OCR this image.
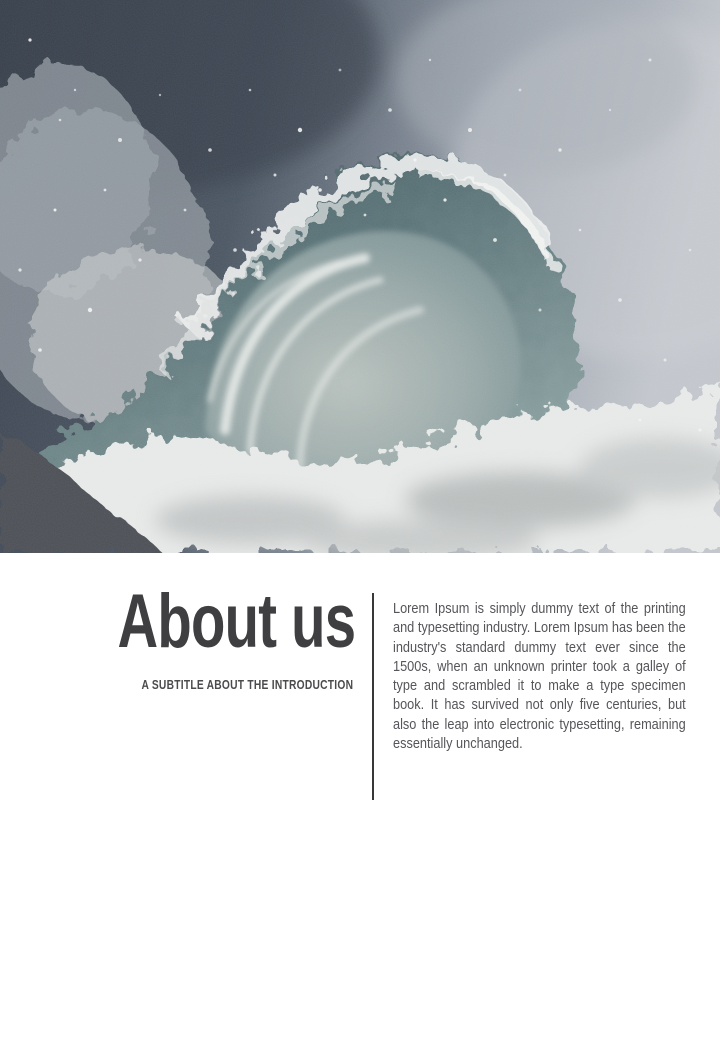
About us
A SUBTITLE ABOUT THE INTRODUCTION

Lorem Ipsum is simply dummy text of the printing and typesetting industry. Lorem Ipsum has been the industry's standard dummy text ever since the 1500s, when an unknown printer took a galley of type and scrambled it to make a type specimen book. It has survived not only five centuries, but also the leap into electronic typesetting, remaining essentially unchanged.
